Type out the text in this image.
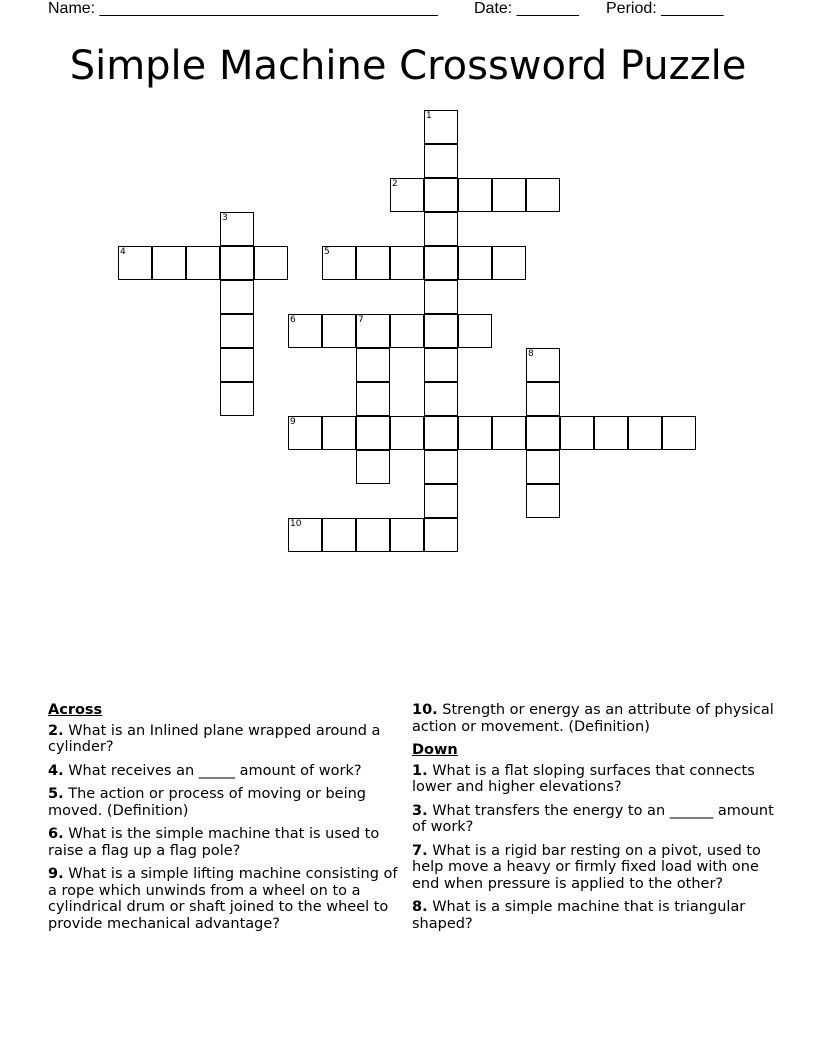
Name: ______________________________________ Date: _______ Period: _______
Simple Machine Crossword Puzzle
1
2
3
4	5
6	7
8
9
10
Across
2. What is an Inlined plane wrapped around a cylinder?
4. What receives an _____ amount of work?
5. The action or process of moving or being moved. (Definition)
6. What is the simple machine that is used to raise a flag up a flag pole?
9. What is a simple lifting machine consisting of a rope which unwinds from a wheel on to a cylindrical drum or shaft joined to the wheel to provide mechanical advantage?
10. Strength or energy as an attribute of physical action or movement. (Definition)
Down
1. What is a flat sloping surfaces that connects lower and higher elevations?
3. What transfers the energy to an ______ amount of work?
7. What is a rigid bar resting on a pivot, used to help move a heavy or firmly fixed load with one end when pressure is applied to the other?
8. What is a simple machine that is triangular shaped?
